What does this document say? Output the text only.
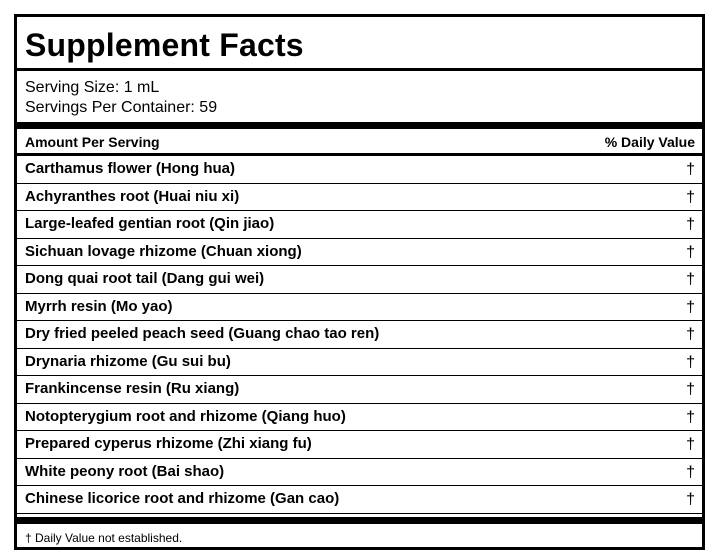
Supplement Facts
Serving Size: 1 mL
Servings Per Container: 59
Amount Per Serving	% Daily Value
Carthamus flower (Hong hua)	†
Achyranthes root (Huai niu xi)	†
Large-leafed gentian root (Qin jiao)	†
Sichuan lovage rhizome (Chuan xiong)	†
Dong quai root tail (Dang gui wei)	†
Myrrh resin (Mo yao)	†
Dry fried peeled peach seed (Guang chao tao ren)	†
Drynaria rhizome (Gu sui bu)	†
Frankincense resin (Ru xiang)	†
Notopterygium root and rhizome (Qiang huo)	†
Prepared cyperus rhizome (Zhi xiang fu)	†
White peony root (Bai shao)	†
Chinese licorice root and rhizome (Gan cao)	†
† Daily Value not established.
